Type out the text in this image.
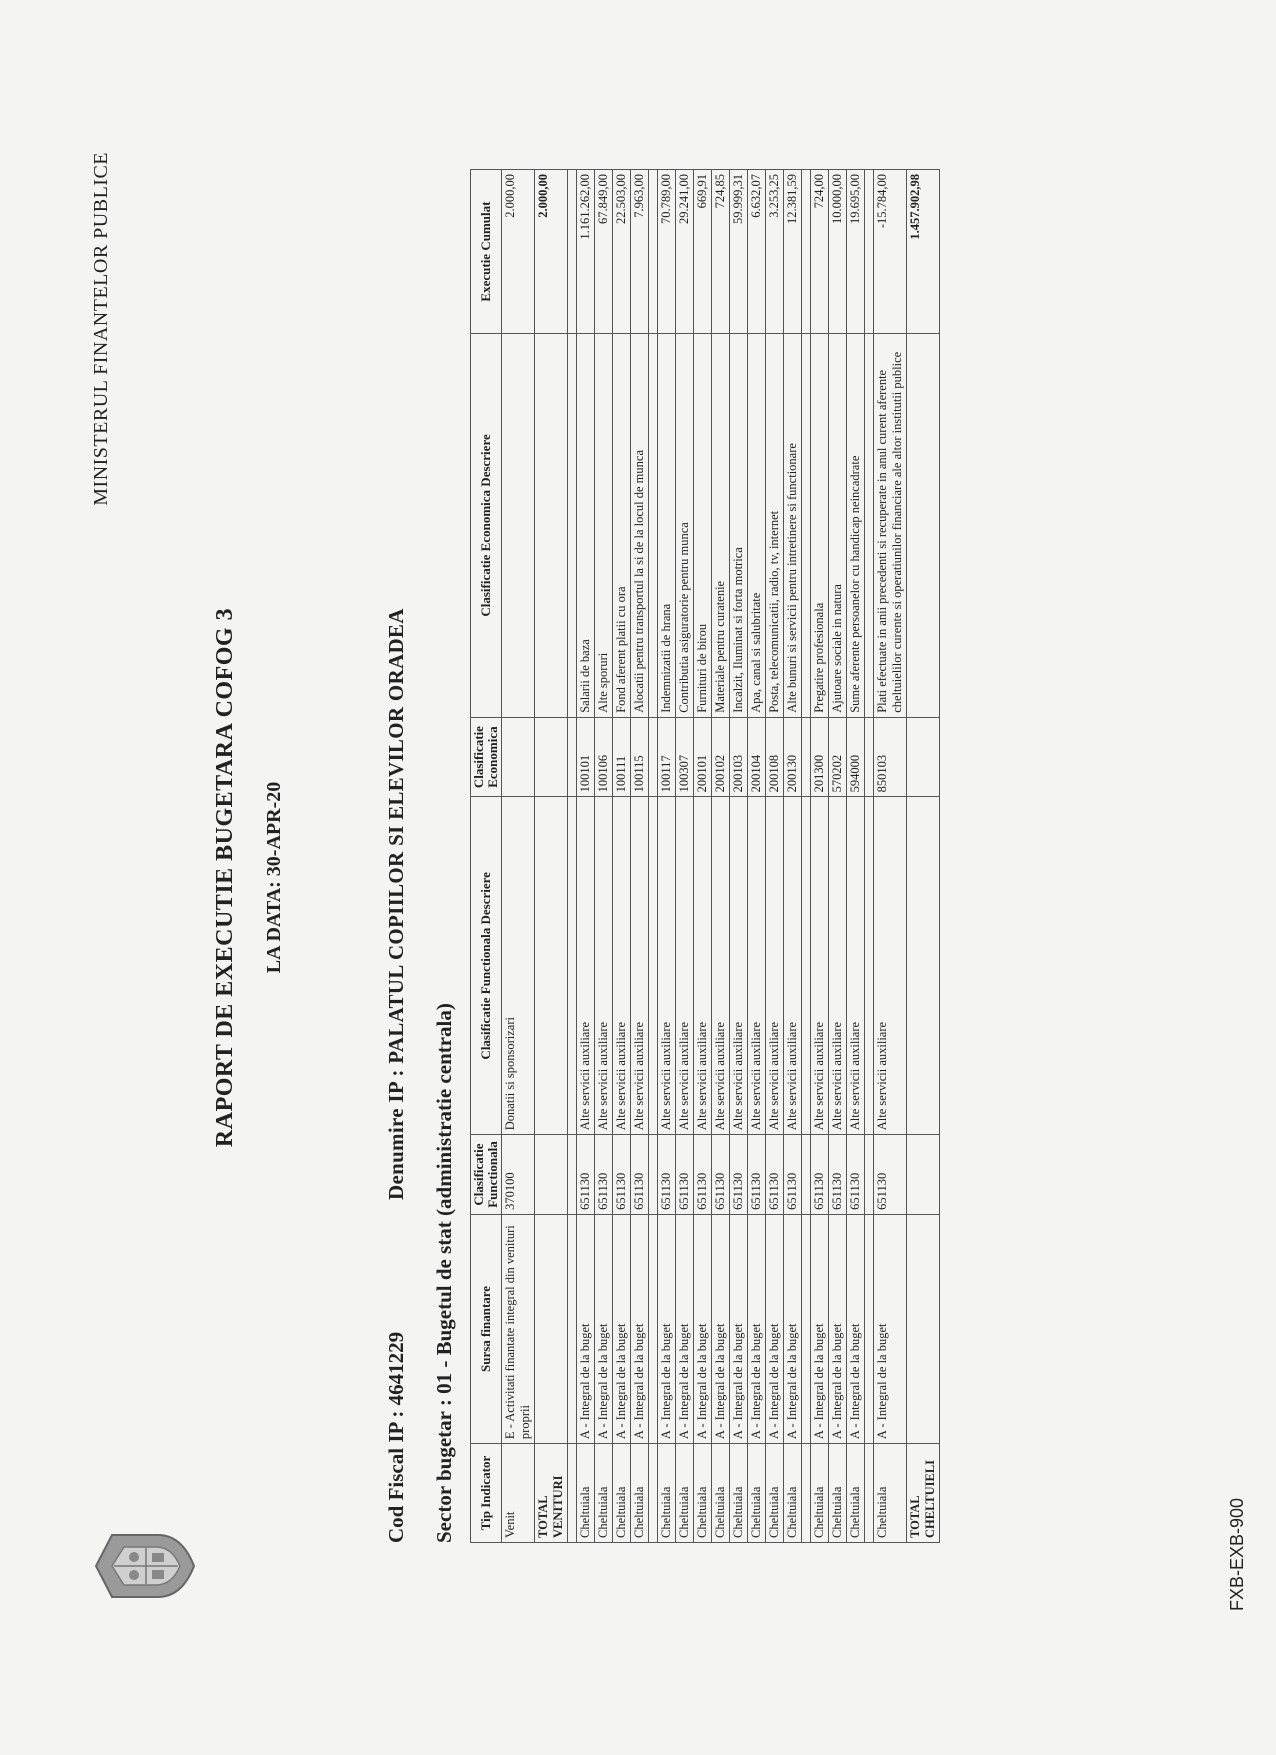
MINISTERUL FINANTELOR PUBLICE
RAPORT DE EXECUTIE BUGETARA COFOG 3 LA DATA: 30-APR-20
Cod Fiscal IP : 4641229
Denumire IP : PALATUL COPIILOR SI ELEVILOR ORADEA
Sector bugetar : 01 - Bugetul de stat (administratie centrala) Tip Indicator	Sursa finantare	Clasificatie Functionala	Clasificatie Functionala Descriere	Clasificatie Economica	Clasificatie Economica Descriere	Executie Cumulat
Venit	E - Activitati finantate integral din venituri proprii	370100	Donatii si sponsorizari			2.000,00
TOTAL VENITURI						2.000,00

Cheltuiala	A - Integral de la buget	651130	Alte servicii auxiliare	100101	Salarii de baza	1.161.262,00
Cheltuiala	A - Integral de la buget	651130	Alte servicii auxiliare	100106	Alte sporuri	67.849,00
Cheltuiala	A - Integral de la buget	651130	Alte servicii auxiliare	100111	Fond aferent platii cu ora	22.503,00
Cheltuiala	A - Integral de la buget	651130	Alte servicii auxiliare	100115	Alocatii pentru transportul la si de la locul de munca	7.963,00

Cheltuiala	A - Integral de la buget	651130	Alte servicii auxiliare	100117	Indemnizatii de hrana	70.789,00
Cheltuiala	A - Integral de la buget	651130	Alte servicii auxiliare	100307	Contributia asiguratorie pentru munca	29.241,00
Cheltuiala	A - Integral de la buget	651130	Alte servicii auxiliare	200101	Furnituri de birou	669,91
Cheltuiala	A - Integral de la buget	651130	Alte servicii auxiliare	200102	Materiale pentru curatenie	724,85
Cheltuiala	A - Integral de la buget	651130	Alte servicii auxiliare	200103	Incalzit, Iluminat si forta motrica	59.999,31
Cheltuiala	A - Integral de la buget	651130	Alte servicii auxiliare	200104	Apa, canal si salubritate	6.632,07
Cheltuiala	A - Integral de la buget	651130	Alte servicii auxiliare	200108	Posta, telecomunicatii, radio, tv, internet	3.253,25
Cheltuiala	A - Integral de la buget	651130	Alte servicii auxiliare	200130	Alte bunuri si servicii pentru intretinere si functionare	12.381,59

Cheltuiala	A - Integral de la buget	651130	Alte servicii auxiliare	201300	Pregatire profesionala	724,00
Cheltuiala	A - Integral de la buget	651130	Alte servicii auxiliare	570202	Ajutoare sociale in natura	10.000,00
Cheltuiala	A - Integral de la buget	651130	Alte servicii auxiliare	594000	Sume aferente persoanelor cu handicap neincadrate	19.695,00

Cheltuiala	A - Integral de la buget	651130	Alte servicii auxiliare	850103	Plati efectuate in anii precedenti si recuperate in anul curent aferente cheltuielilor curente si operatiunilor financiare ale altor institutii publice	-15.784,00
TOTAL CHELTUIELI						1.457.902,98
FXB-EXB-900
